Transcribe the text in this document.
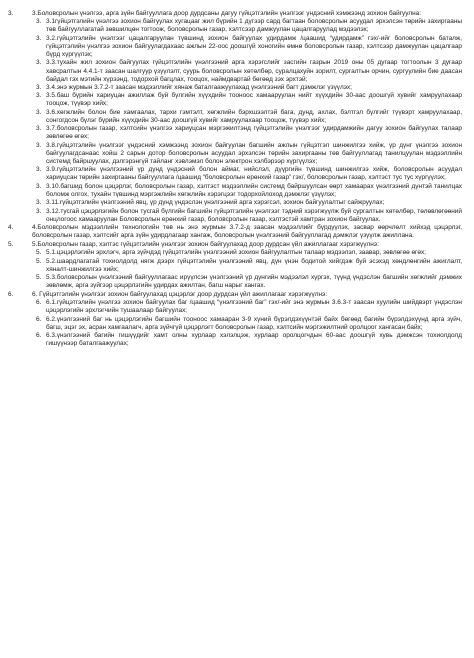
3.	3.Боловсролын үнэлгээ, арга зүйн байгууллага доор дурдсаны дагуу гүйцэтгэлийн үнэлгээг үндэсний хэмжээнд зохион байгуулна:

3. 3.1гүйцэтгэлийн үнэлгээ зохион байгуулах хугацааг жил бүрийн 1 дүгээр сард багтаан боловсролын асуудал эрхэлсэн төрийн захиргааны төв байгууллагатай зөвшилцөн тогтоож, боловсролын газар, хэлтсээр дамжуулан цацалгаруулад мэдээлэх;

3. 3.2.гүйцэтгэлийн үнэлгээг цацалгаруулан түвшинд зохион байгуулах удирдамж /цаашид “удирдамж” гэх/-ийг боловсролын баталж, гүйцэтгэлийн үнэлгээ зохион байгуулагдахаас ажлын 22-оос доошгүй хоногийн өмнө боловсролын газар, хэлтсээр дамжуулан цацалгаар бүрд хүргүүлэх;

3. 3.3.тухайн жил зохион байгуулах гүйцэтгэлийн үнэлгээний арга хэрэгслийг засгийн газрын 2019 оны 05 дугаар тогтоолын 3 дугаар хавсралтын 4.4.1-т заасан шалгуур үзүүлэлт, суурь боловсролын хөтөлбөр, суралцахуйн зорилт, сургалтын орчин, сургуулийн бие даасан байдал гэх мэтийн хүрээнд, тодорхой багцлах, тооцох, наймдвартай бөгөөд зэх эрхтэй;

3. 3.4.энэ журмын 3.7.2-т заасан мэдээллийг хянаж баталгаажуулахад үнэлгээний багт дэмжлэг үзүүлэх;

3. 3.5.баш бүрийн хариуцан ажиллаж буй бүлгийн хүүхдийн тооноос хамааруулан нийт хүүхдийн 30-аас доошгүй хувийг хамруулахаар тооцож, түүвэр хийх;

3. 3.6.хөгжлийн болон бие хамгаалах, тархи гэмтэлт, хөгжлийн бэрхшээлтэй бага, дунд, ахлах, бэлтгэл бүлгийг түүвэрт хамруулахаар, сонгогдсон бүлэг бүрийн хүүхдийн 30-аас доошгүй хувийг хамруулахаар тооцож, түүвэр хийх;

3. 3.7.боловсролын газар, хэлтсийн үнэлгээ хариуцсан мэргэжилтэнд гүйцэтгэлийн үнэлгээг удирдамжийн дагуу зохион байгуулах талаар зөвлөгөө өгөх;

3. 3.8.гүйцэтгэлийн үнэлгээг үндэсний хэмжээнд зохион байгуулан багшийн ажлын гүйцэтгэл шинжилгээ хийж, үр дүнг үнэлгээ зохион байгуулагдсанаас хойш 2 сарын дотор боловсролын асуудал эрхэлсэн төрийн захиргааны төв байгууллагад танилцуулан мэдээллийн системд байршуулах, дэлгэрэнгүй тайланг хэвлэмэл болон электрон хэлбэрээр хүргүүлэх;

3. 3.9.гүйцэтгэлийн үнэлгээний үр дүнд үндэсний болон аймаг, нийслэл, дүүргийн түвшинд шинжилгээ хийж, боловсролын асуудал хариуцсан төрийн захиргааны байгууллага /цаашид “боловсролын ерөнхий газар” гэх/, боловсролын газар, хэлтэст тус тус хүргүүлэх;

3. 3.10.багшид болон цэцэрлэг, боловсролын газар, хэлтэст мэдээллийн системд байршуулсан өөрт хамаарах үнэлгээний дүнтэй танилцах боломж олгох, тухайн түвшинд мэргэжлийн хөгжлийн хэрэгцээг тодорхойлоход дэмжлэг үзүүлэх;

3. 3.11.гүйцэтгэлийн үнэлгээний явц, үр дүнд үндэслэн үнэлгээний арга хэрэгсэл, зохион байгуулалтыг сайжруулах;

3. 3.12.тусгай цэцэрлэгийн болон тусгай бүлгийн багшийн гүйцэтгэлийн үнэлгээг тэдний хэрэгжүүлж буй сургалтын хөтөлбөр, төлөвлөгөөний онцлогоос хамааруулан Боловсролын ерөнхий газар, боловсролын газар, хэлтэстэй хамтран зохион байгуулах.

4.	4.Боловсролын мэдээллийн технологийн төв нь энэ журмын 3.7.2-д заасан мэдээллийг бүрдүүлэх, засвар өөрчлөлт хийхэд цэцэрлэг, боловсролын газар, хэлтсийг арга зүйн удирдлагаар хангаж, боловсролын үнэлгээний байгууллагад дэмжлэг үзүүлж ажиллана.

5.	5.Боловсролын газар, хэлтэс гүйцэтгэлийн үнэлгээг зохион байгуулахад доор дурдсан үйл ажиллагааг хэрэгжүүлнэ:

5. 5.1.цэцэрлэгийн эрхлэгч, арга зүйчдэд гүйцэтгэлийн үнэлгээний зохион байгуулалтын талаар мэдээлэл, заавар, зөвлөгөө өгөх;

5. 5.2.шаардлагатай тохиолдолд нягж дээрх гүйцэтгэлийн үнэлгээний явц, дүн үнэн бодитой хийгдэж буй эсэхэд хөндлөнгийн ажиглалт, хяналт-шинжилгээ хийх;

5. 5.3.боловсролын үнэлгээний байгууллагаас ирүүлсэн үнэлгээний үр дүнгийн мэдээлэл хүргэх, түүнд үндэслэн багшийн хөгжлийг дэмжих зөвлөмж, арга зүйгээр цэцэрлэгийн удирдах ажилтан, багш нарыг хангах.

6.	6. Гүйцэтгэлийн үнэлгээг зохион байгуулахад цэцэрлэг доор дурдсан үйл ажиллагааг хэрэгжүүлнэ:

6. 6.1.гүйцэтгэлийн үнэлгээ зохион байгуулах баг /цаашид “үнэлгээний баг” гэх/-ийг энэ журмын 3.6.3-т заасан хуулийн шийдвэрт үндэслэн цэцэрлэгийн эрхлэгчийн тушаалаар байгуулах;

6. 6.2.үнэлгээний баг нь цэцэрлэгийн багшийн тооноос хамааран 3-9 хүний бүрэлдэхүүнтэй байх бөгөөд багийн бүрэлдэхүүнд арга зүйч, багш, эцэг эх, асран хамгаалагч, арга зүйчгүй цэцэрлэгт боловсролын газар, хэлтсийн мэргэжилтний оролцоог хангасан байх;

6. 6.3.үнэлгээний багийн гишүүдийг хамт олны хурлаар хэлэлцэж, хурлаар оролцогчдын 60-аас доошгүй хувь дэмжсэн тохиолдолд гишүүнээр баталгаажуулах;
